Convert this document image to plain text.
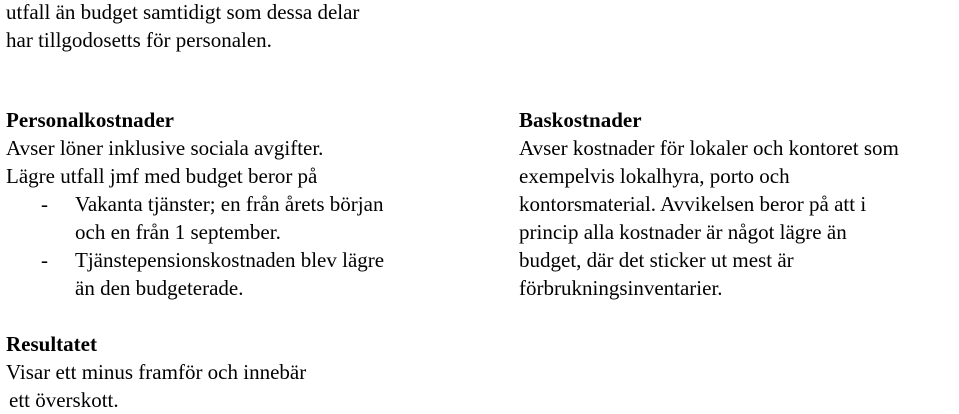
utfall än budget samtidigt som dessa delar
har tillgodosetts för personalen.
Personalkostnader
Avser löner inklusive sociala avgifter.
Lägre utfall jmf med budget beror på
- Vakanta tjänster; en från årets början
och en från 1 september.
- Tjänstepensionskostnaden blev lägre
än den budgeterade.
Baskostnader
Avser kostnader för lokaler och kontoret som
exempelvis lokalhyra, porto och
kontorsmaterial. Avvikelsen beror på att i
princip alla kostnader är något lägre än
budget, där det sticker ut mest är
förbrukningsinventarier.
Resultatet
Visar ett minus framför och innebär
ett överskott.
